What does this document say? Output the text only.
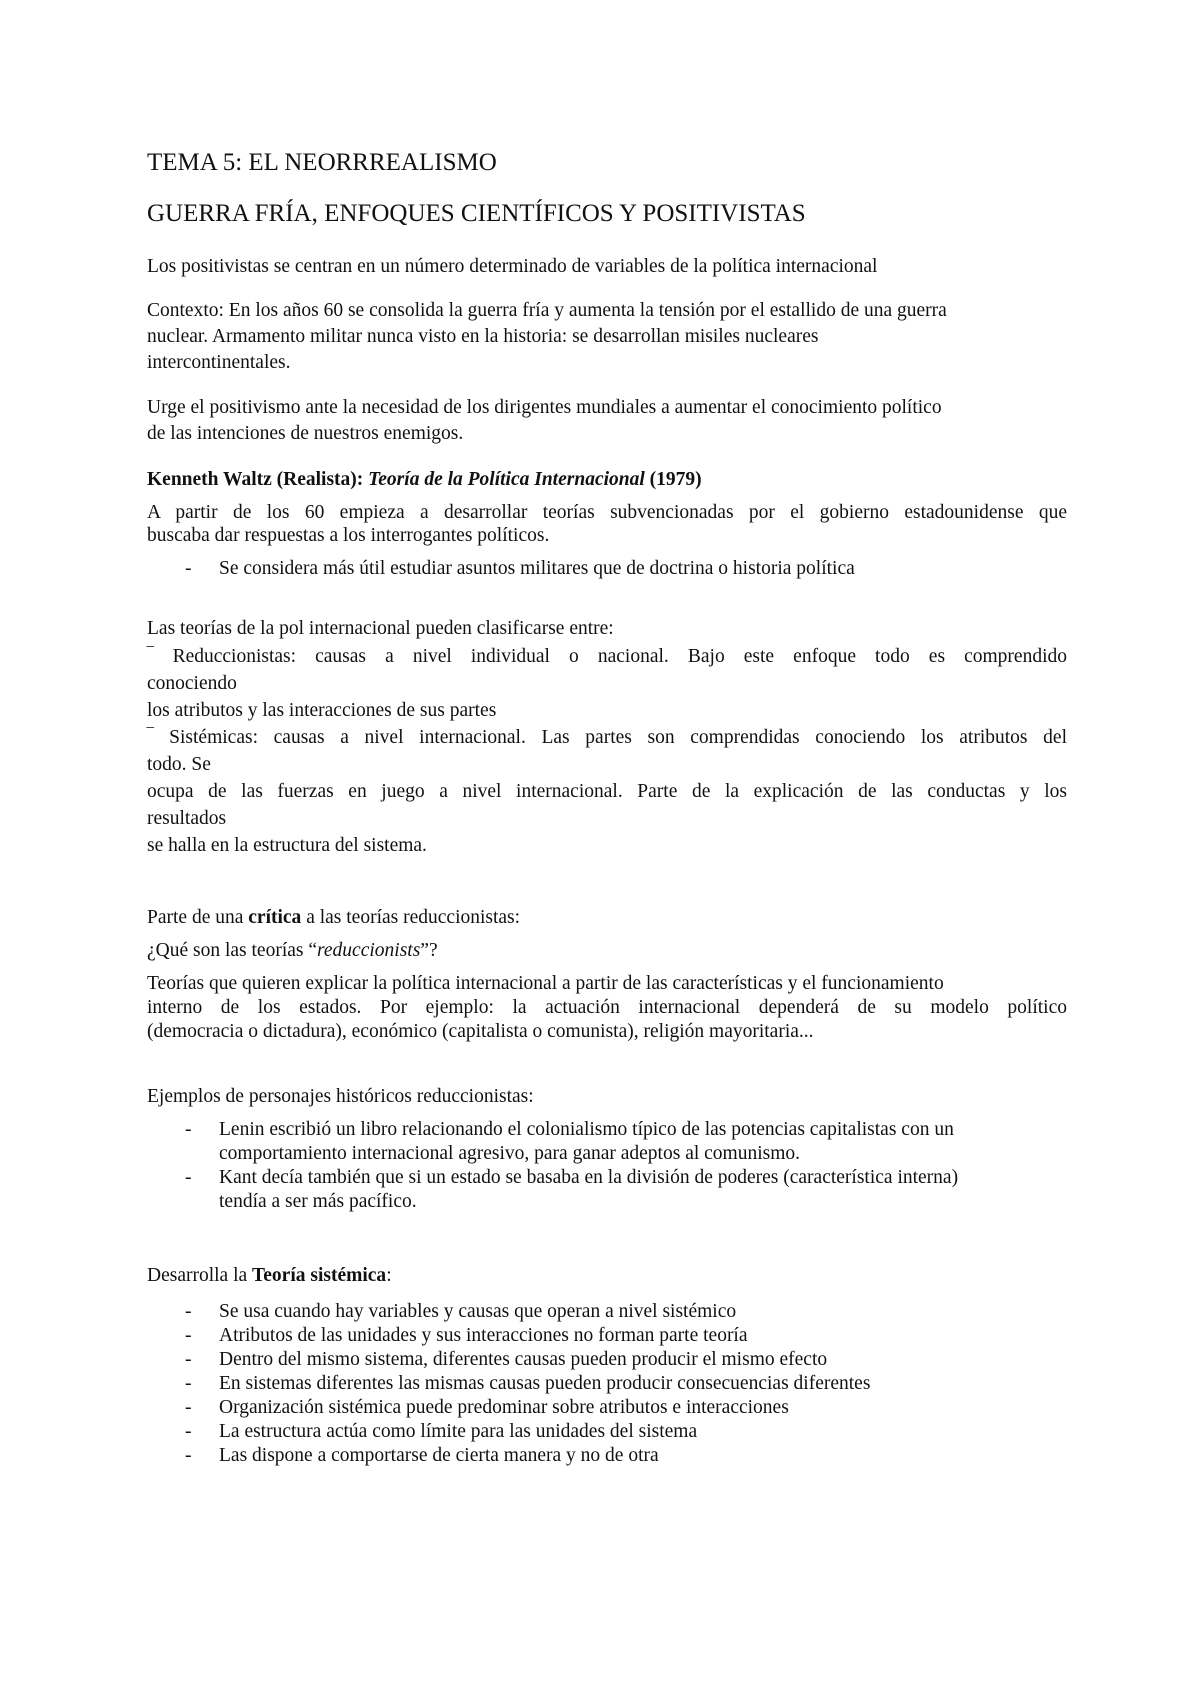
TEMA 5: EL NEORRREALISMO
GUERRA FRÍA, ENFOQUES CIENTÍFICOS Y POSITIVISTAS
Los positivistas se centran en un número determinado de variables de la política internacional
Contexto: En los años 60 se consolida la guerra fría y aumenta la tensión por el estallido de una guerra
nuclear. Armamento militar nunca visto en la historia: se desarrollan misiles nucleares
intercontinentales.
Urge el positivismo ante la necesidad de los dirigentes mundiales a aumentar el conocimiento político
de las intenciones de nuestros enemigos.
Kenneth Waltz (Realista): Teoría de la Política Internacional (1979)
A partir de los 60 empieza a desarrollar teorías subvencionadas por el gobierno estadounidense que
buscaba dar respuestas a los interrogantes políticos.
- Se considera más útil estudiar asuntos militares que de doctrina o historia política
Las teorías de la pol internacional pueden clasificarse entre:
‾ Reduccionistas: causas a nivel individual o nacional. Bajo este enfoque todo es comprendido
conociendo
los atributos y las interacciones de sus partes
‾ Sistémicas: causas a nivel internacional. Las partes son comprendidas conociendo los atributos del
todo. Se
ocupa de las fuerzas en juego a nivel internacional. Parte de la explicación de las conductas y los
resultados
se halla en la estructura del sistema.
Parte de una crítica a las teorías reduccionistas:
¿Qué son las teorías “reduccionists”?
Teorías que quieren explicar la política internacional a partir de las características y el funcionamiento
interno de los estados. Por ejemplo: la actuación internacional dependerá de su modelo político
(democracia o dictadura), económico (capitalista o comunista), religión mayoritaria...
Ejemplos de personajes históricos reduccionistas:
- Lenin escribió un libro relacionando el colonialismo típico de las potencias capitalistas con un
comportamiento internacional agresivo, para ganar adeptos al comunismo.
- Kant decía también que si un estado se basaba en la división de poderes (característica interna)
tendía a ser más pacífico.
Desarrolla la Teoría sistémica:
- Se usa cuando hay variables y causas que operan a nivel sistémico
- Atributos de las unidades y sus interacciones no forman parte teoría
- Dentro del mismo sistema, diferentes causas pueden producir el mismo efecto
- En sistemas diferentes las mismas causas pueden producir consecuencias diferentes
- Organización sistémica puede predominar sobre atributos e interacciones
- La estructura actúa como límite para las unidades del sistema
- Las dispone a comportarse de cierta manera y no de otra
